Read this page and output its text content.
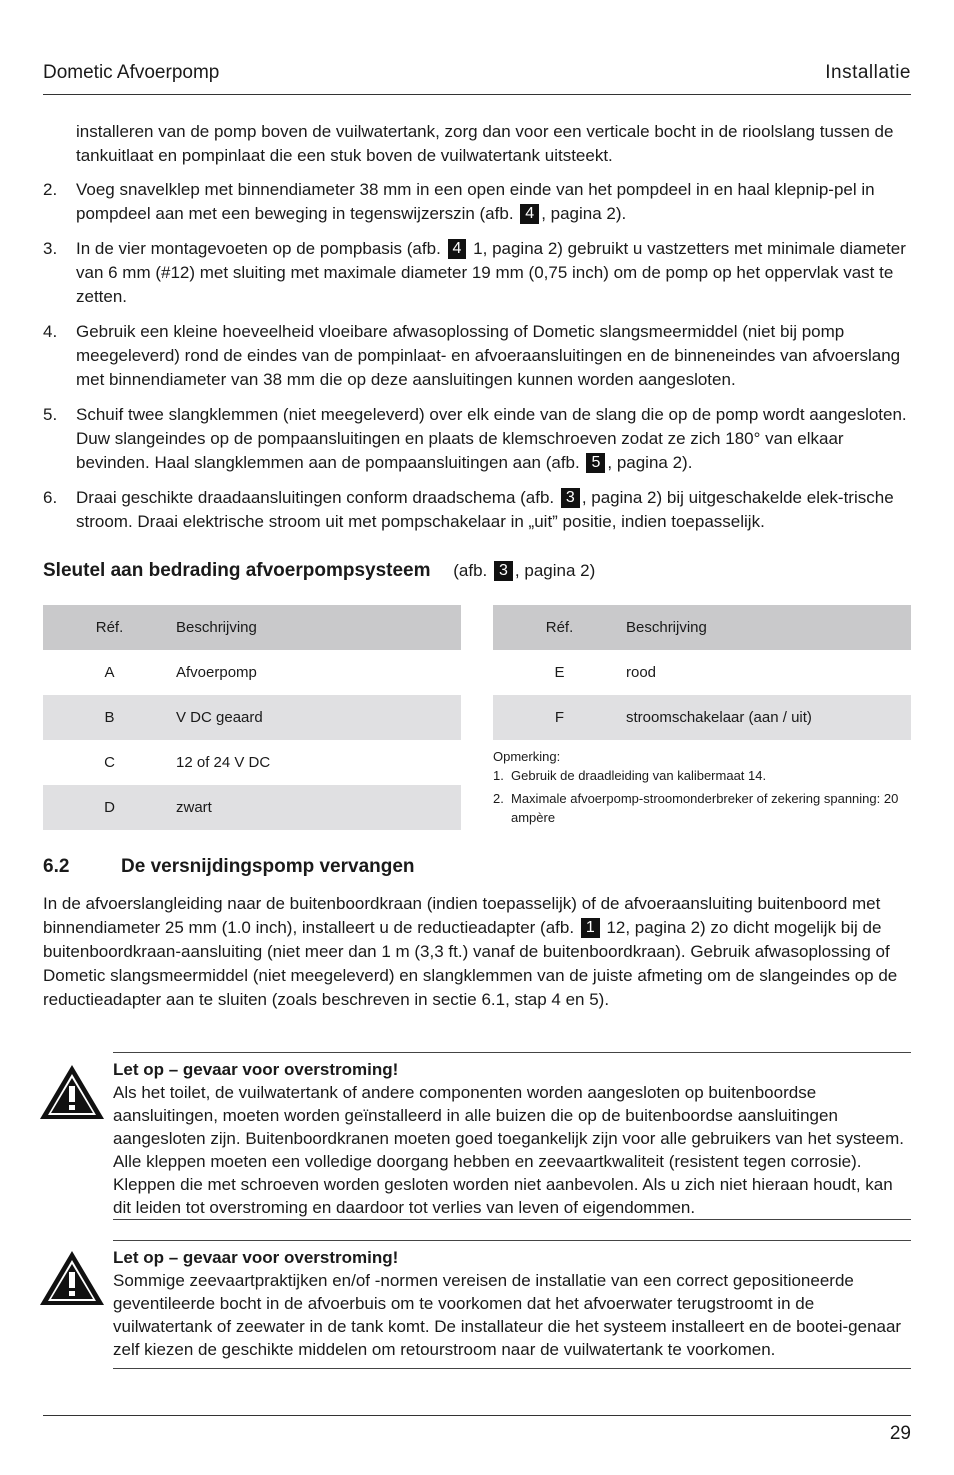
Dometic Afvoerpomp	Installatie
installeren van de pomp boven de vuilwatertank, zorg dan voor een verticale bocht in de rioolslang tussen de tankuitlaat en pompinlaat die een stuk boven de vuilwatertank uitsteekt.
2. Voeg snavelklep met binnendiameter 38 mm in een open einde van het pompdeel in en haal klepnip-pel in pompdeel aan met een beweging in tegenswijzerszin (afb. 4 , pagina 2).
3. In de vier montagevoeten op de pompbasis (afb. 4 1, pagina 2) gebruikt u vastzetters met minimale diameter van 6 mm (#12) met sluiting met maximale diameter 19 mm (0,75 inch) om de pomp op het oppervlak vast te zetten.
4. Gebruik een kleine hoeveelheid vloeibare afwasoplossing of Dometic slangsmeermiddel (niet bij pomp meegeleverd) rond de eindes van de pompinlaat- en afvoeraansluitingen en de binneneindes van afvoerslang met binnendiameter van 38 mm die op deze aansluitingen kunnen worden aangesloten.
5. Schuif twee slangklemmen (niet meegeleverd) over elk einde van de slang die op de pomp wordt aangesloten. Duw slangeindes op de pompaansluitingen en plaats de klemschroeven zodat ze zich 180° van elkaar bevinden. Haal slangklemmen aan de pompaansluitingen aan (afb. 5 , pagina 2).
6. Draai geschikte draadaansluitingen conform draadschema (afb. 3 , pagina 2) bij uitgeschakelde elek-trische stroom. Draai elektrische stroom uit met pompschakelaar in „uit” positie, indien toepasselijk.
Sleutel aan bedrading afvoerpompsysteem (afb. 3 , pagina 2)
Réf.	Beschrijving
A	Afvoerpomp
B	V DC geaard
C	12 of 24 V DC
D	zwart
Réf.	Beschrijving
E	rood
F	stroomschakelaar (aan / uit)
Opmerking:
1. Gebruik de draadleiding van kalibermaat 14.
2. Maximale afvoerpomp-stroomonderbreker of zekering spanning: 20 ampère
6.2	De versnijdingspomp vervangen
In de afvoerslangleiding naar de buitenboordkraan (indien toepasselijk) of de afvoeraansluiting buitenboord met binnendiameter 25 mm (1.0 inch), installeert u de reductieadapter (afb. 1 12, pagina 2) zo dicht mogelijk bij de buitenboordkraan-aansluiting (niet meer dan 1 m (3,3 ft.) vanaf de buitenboordkraan). Gebruik afwasoplossing of Dometic slangsmeermiddel (niet meegeleverd) en slangklemmen van de juiste afmeting om de slangeindes op de reductieadapter aan te sluiten (zoals beschreven in sectie 6.1, stap 4 en 5).
Let op – gevaar voor overstroming!
Als het toilet, de vuilwatertank of andere componenten worden aangesloten op buitenboordse aansluitingen, moeten worden geïnstalleerd in alle buizen die op de buitenboordse aansluitingen aangesloten zijn. Buitenboordkranen moeten goed toegankelijk zijn voor alle gebruikers van het systeem. Alle kleppen moeten een volledige doorgang hebben en zeevaartkwaliteit (resistent tegen corrosie). Kleppen die met schroeven worden gesloten worden niet aanbevolen. Als u zich niet hieraan houdt, kan dit leiden tot overstroming en daardoor tot verlies van leven of eigendommen.
Let op – gevaar voor overstroming!
Sommige zeevaartpraktijken en/of -normen vereisen de installatie van een correct gepositioneerde geventileerde bocht in de afvoerbuis om te voorkomen dat het afvoerwater terugstroomt in de vuilwatertank of zeewater in de tank komt. De installateur die het systeem installeert en de bootei-genaar zelf kiezen de geschikte middelen om retourstroom naar de vuilwatertank te voorkomen.
29
